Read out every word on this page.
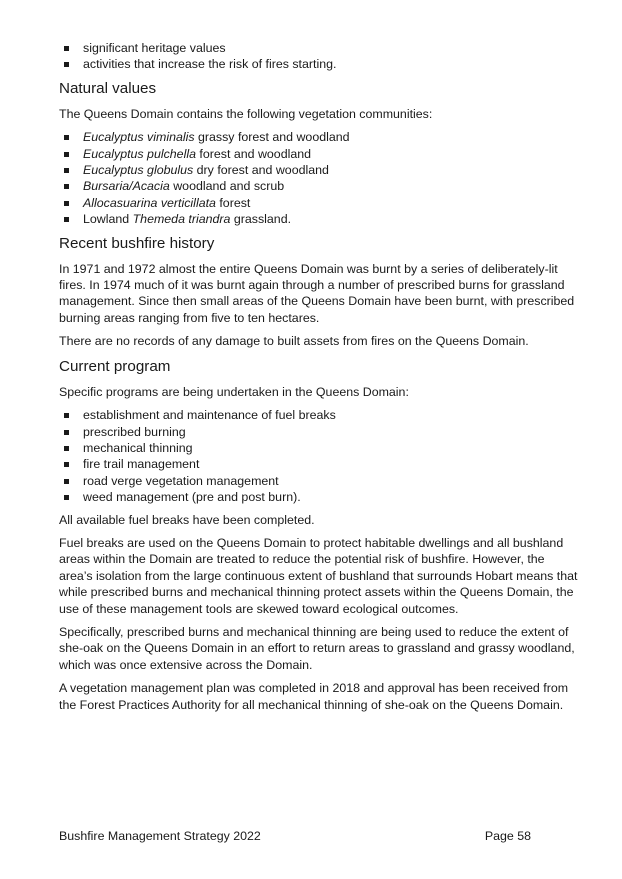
significant heritage values
activities that increase the risk of fires starting.
Natural values

The Queens Domain contains the following vegetation communities:

Eucalyptus viminalis grassy forest and woodland
Eucalyptus pulchella forest and woodland
Eucalyptus globulus dry forest and woodland
Bursaria/Acacia woodland and scrub
Allocasuarina verticillata forest
Lowland Themeda triandra grassland.
Recent bushfire history

In 1971 and 1972 almost the entire Queens Domain was burnt by a series of deliberately-lit fires. In 1974 much of it was burnt again through a number of prescribed burns for grassland management. Since then small areas of the Queens Domain have been burnt, with prescribed burning areas ranging from five to ten hectares.

There are no records of any damage to built assets from fires on the Queens Domain.

Current program

Specific programs are being undertaken in the Queens Domain:

establishment and maintenance of fuel breaks
prescribed burning
mechanical thinning
fire trail management
road verge vegetation management
weed management (pre and post burn).

All available fuel breaks have been completed.

Fuel breaks are used on the Queens Domain to protect habitable dwellings and all bushland areas within the Domain are treated to reduce the potential risk of bushfire. However, the area’s isolation from the large continuous extent of bushland that surrounds Hobart means that while prescribed burns and mechanical thinning protect assets within the Queens Domain, the use of these management tools are skewed toward ecological outcomes.

Specifically, prescribed burns and mechanical thinning are being used to reduce the extent of she-oak on the Queens Domain in an effort to return areas to grassland and grassy woodland, which was once extensive across the Domain.

A vegetation management plan was completed in 2018 and approval has been received from the Forest Practices Authority for all mechanical thinning of she-oak on the Queens Domain.

Bushfire Management Strategy 2022	Page 58
